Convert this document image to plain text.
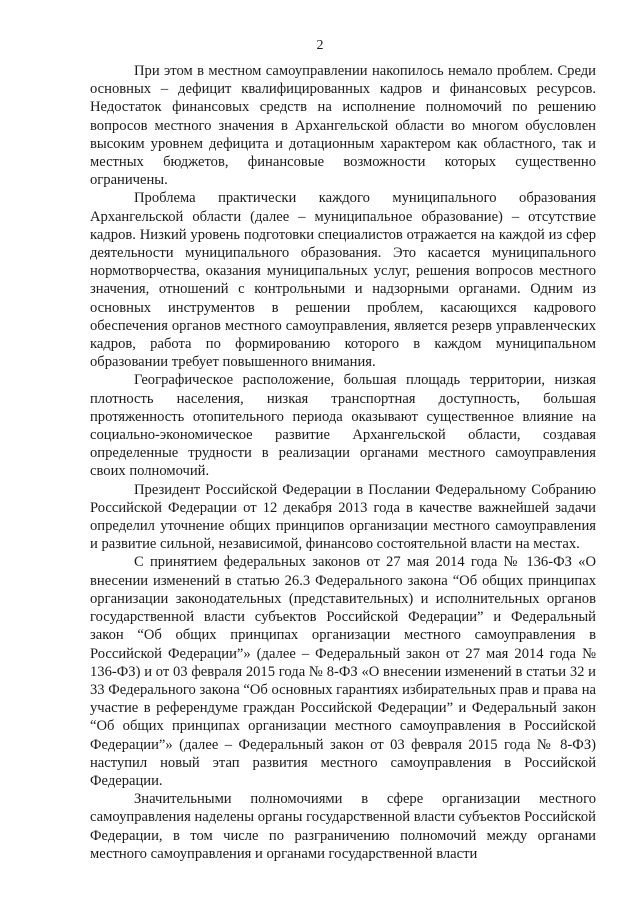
2

При этом в местном самоуправлении накопилось немало проблем. Среди основных – дефицит квалифицированных кадров и финансовых ресурсов. Недостаток финансовых средств на исполнение полномочий по решению вопросов местного значения в Архангельской области во многом обусловлен высоким уровнем дефицита и дотационным характером как областного, так и местных бюджетов, финансовые возможности которых существенно ограничены.

Проблема практически каждого муниципального образования Архангельской области (далее – муниципальное образование) – отсутствие кадров. Низкий уровень подготовки специалистов отражается на каждой из сфер деятельности муниципального образования. Это касается муниципального нормотворчества, оказания муниципальных услуг, решения вопросов местного значения, отношений с контрольными и надзорными органами. Одним из основных инструментов в решении проблем, касающихся кадрового обеспечения органов местного самоуправления, является резерв управленческих кадров, работа по формированию которого в каждом муниципальном образовании требует повышенного внимания.

Географическое расположение, большая площадь территории, низкая плотность населения, низкая транспортная доступность, большая протяженность отопительного периода оказывают существенное влияние на социально-экономическое развитие Архангельской области, создавая определенные трудности в реализации органами местного самоуправления своих полномочий.

Президент Российской Федерации в Послании Федеральному Собранию Российской Федерации от 12 декабря 2013 года в качестве важнейшей задачи определил уточнение общих принципов организации местного самоуправления и развитие сильной, независимой, финансово состоятельной власти на местах.

С принятием федеральных законов от 27 мая 2014 года № 136-ФЗ «О внесении изменений в статью 26.3 Федерального закона “Об общих принципах организации законодательных (представительных) и исполнительных органов государственной власти субъектов Российской Федерации” и Федеральный закон “Об общих принципах организации местного самоуправления в Российской Федерации”» (далее – Федеральный закон от 27 мая 2014 года № 136-ФЗ) и от 03 февраля 2015 года № 8-ФЗ «О внесении изменений в статьи 32 и 33 Федерального закона “Об основных гарантиях избирательных прав и права на участие в референдуме граждан Российской Федерации” и Федеральный закон “Об общих принципах организации местного самоуправления в Российской Федерации”» (далее – Федеральный закон от 03 февраля 2015 года № 8-ФЗ) наступил новый этап развития местного самоуправления в Российской Федерации.

Значительными полномочиями в сфере организации местного самоуправления наделены органы государственной власти субъектов Российской Федерации, в том числе по разграничению полномочий между органами местного самоуправления и органами государственной власти
